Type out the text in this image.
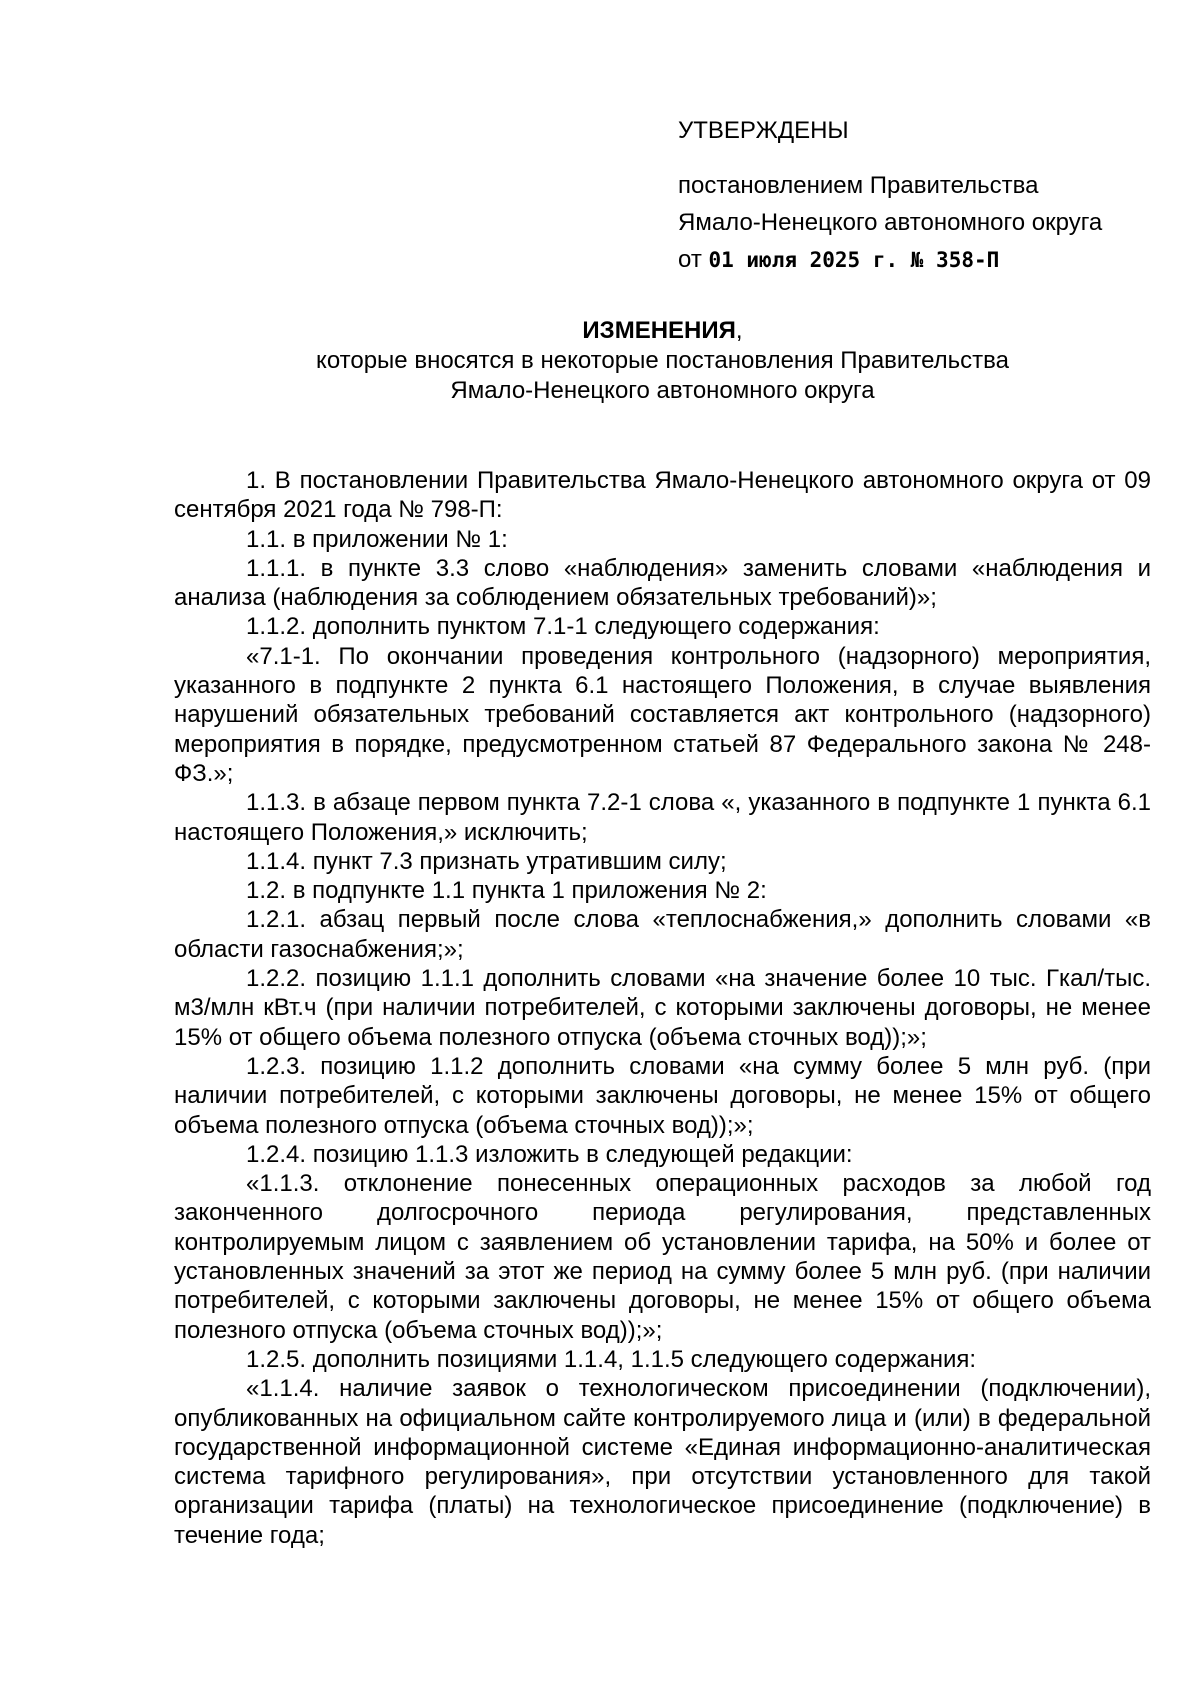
УТВЕРЖДЕНЫ
постановлением Правительства
Ямало-Ненецкого автономного округа
от 01 июля 2025 г. № 358-П
ИЗМЕНЕНИЯ,
которые вносятся в некоторые постановления Правительства
Ямало-Ненецкого автономного округа

1. В постановлении Правительства Ямало-Ненецкого автономного округа от 09 сентября 2021 года № 798-П:

1.1. в приложении № 1:

1.1.1. в пункте 3.3 слово «наблюдения» заменить словами «наблюдения и анализа (наблюдения за соблюдением обязательных требований)»;

1.1.2. дополнить пунктом 7.1-1 следующего содержания:

«7.1-1. По окончании проведения контрольного (надзорного) мероприятия, указанного в подпункте 2 пункта 6.1 настоящего Положения, в случае выявления нарушений обязательных требований составляется акт контрольного (надзорного) мероприятия в порядке, предусмотренном статьей 87 Федерального закона № 248-ФЗ.»;

1.1.3. в абзаце первом пункта 7.2-1 слова «, указанного в подпункте 1 пункта 6.1 настоящего Положения,» исключить;

1.1.4. пункт 7.3 признать утратившим силу;

1.2. в подпункте 1.1 пункта 1 приложения № 2:

1.2.1. абзац первый после слова «теплоснабжения,» дополнить словами «в области газоснабжения;»;

1.2.2. позицию 1.1.1 дополнить словами «на значение более 10 тыс. Гкал/тыс. м3/млн кВт.ч (при наличии потребителей, с которыми заключены договоры, не менее 15% от общего объема полезного отпуска (объема сточных вод));»;

1.2.3. позицию 1.1.2 дополнить словами «на сумму более 5 млн руб. (при наличии потребителей, с которыми заключены договоры, не менее 15% от общего объема полезного отпуска (объема сточных вод));»;

1.2.4. позицию 1.1.3 изложить в следующей редакции:

«1.1.3. отклонение понесенных операционных расходов за любой год законченного долгосрочного периода регулирования, представленных контролируемым лицом с заявлением об установлении тарифа, на 50% и более от установленных значений за этот же период на сумму более 5 млн руб. (при наличии потребителей, с которыми заключены договоры, не менее 15% от общего объема полезного отпуска (объема сточных вод));»;

1.2.5. дополнить позициями 1.1.4, 1.1.5 следующего содержания:

«1.1.4. наличие заявок о технологическом присоединении (подключении), опубликованных на официальном сайте контролируемого лица и (или) в федеральной государственной информационной системе «Единая информационно-аналитическая система тарифного регулирования», при отсутствии установленного для такой организации тарифа (платы) на технологическое присоединение (подключение) в течение года;
